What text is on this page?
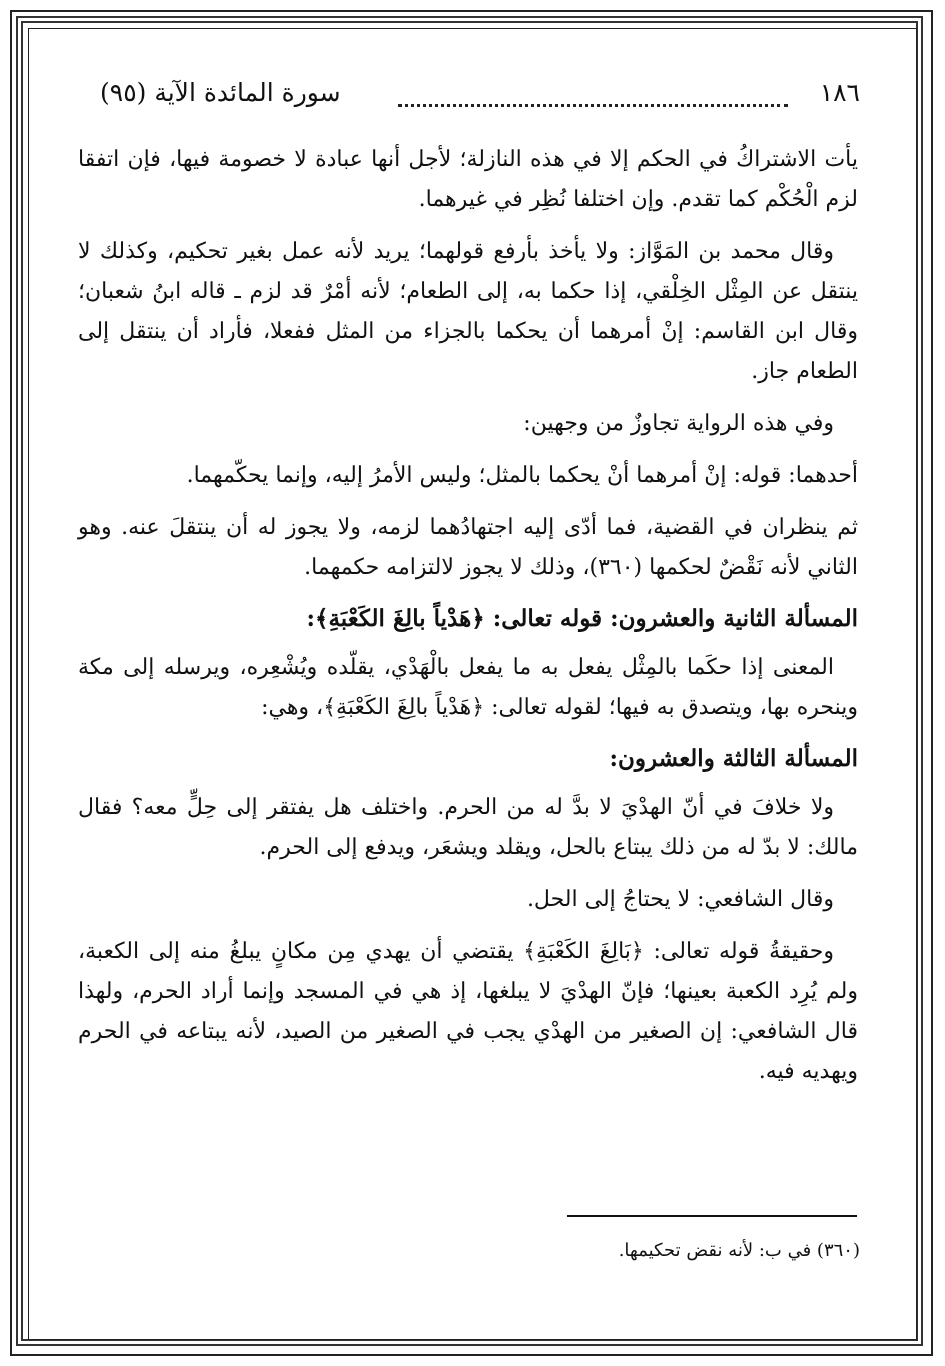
١٨٦
سورة المائدة الآية (٩٥)

يأت الاشتراكُ في الحكم إلا في هذه النازلة؛ لأجل أنها عبادة لا خصومة فيها، فإن اتفقا لزم الْحُكْم كما تقدم. وإن اختلفا نُظِر في غيرهما.

وقال محمد بن المَوَّاز: ولا يأخذ بأرفع قولهما؛ يريد لأنه عمل بغير تحكيم، وكذلك لا ينتقل عن المِثْل الخِلْقي، إذا حكما به، إلى الطعام؛ لأنه أمْرٌ قد لزم ـ قاله ابنُ شعبان؛ وقال ابن القاسم: إنْ أمرهما أن يحكما بالجزاء من المثل ففعلا، فأراد أن ينتقل إلى الطعام جاز.

وفي هذه الرواية تجاوزٌ من وجهين:

أحدهما: قوله: إنْ أمرهما أنْ يحكما بالمثل؛ وليس الأمرُ إليه، وإنما يحكّمهما.

ثم ينظران في القضية، فما أدّى إليه اجتهادُهما لزمه، ولا يجوز له أن ينتقلَ عنه. وهو الثاني لأنه نَقْضٌ لحكمها (٣٦٠)، وذلك لا يجوز لالتزامه حكمهما.

المسألة الثانية والعشرون: قوله تعالى: ﴿هَدْياً بالِغَ الكَعْبَةِ﴾:

المعنى إذا حكَما بالمِثْل يفعل به ما يفعل بالْهَدْي، يقلّده ويُشْعِره، ويرسله إلى مكة وينحره بها، ويتصدق به فيها؛ لقوله تعالى: ﴿هَدْياً بالِغَ الكَعْبَةِ﴾، وهي:

المسألة الثالثة والعشرون:

ولا خلافَ في أنّ الهدْيَ لا بدَّ له من الحرم. واختلف هل يفتقر إلى حِلٍّ معه؟ فقال مالك: لا بدّ له من ذلك يبتاع بالحل، ويقلد ويشعَر، ويدفع إلى الحرم.

وقال الشافعي: لا يحتاجُ إلى الحل.

وحقيقةُ قوله تعالى: ﴿بَالِغَ الكَعْبَةِ﴾ يقتضي أن يهدي مِن مكانٍ يبلغُ منه إلى الكعبة، ولم يُرِد الكعبة بعينها؛ فإنّ الهدْيَ لا يبلغها، إذ هي في المسجد وإنما أراد الحرم، ولهذا قال الشافعي: إن الصغير من الهدْي يجب في الصغير من الصيد، لأنه يبتاعه في الحرم ويهديه فيه.

(٣٦٠) في ب: لأنه نقض تحكيمها.
